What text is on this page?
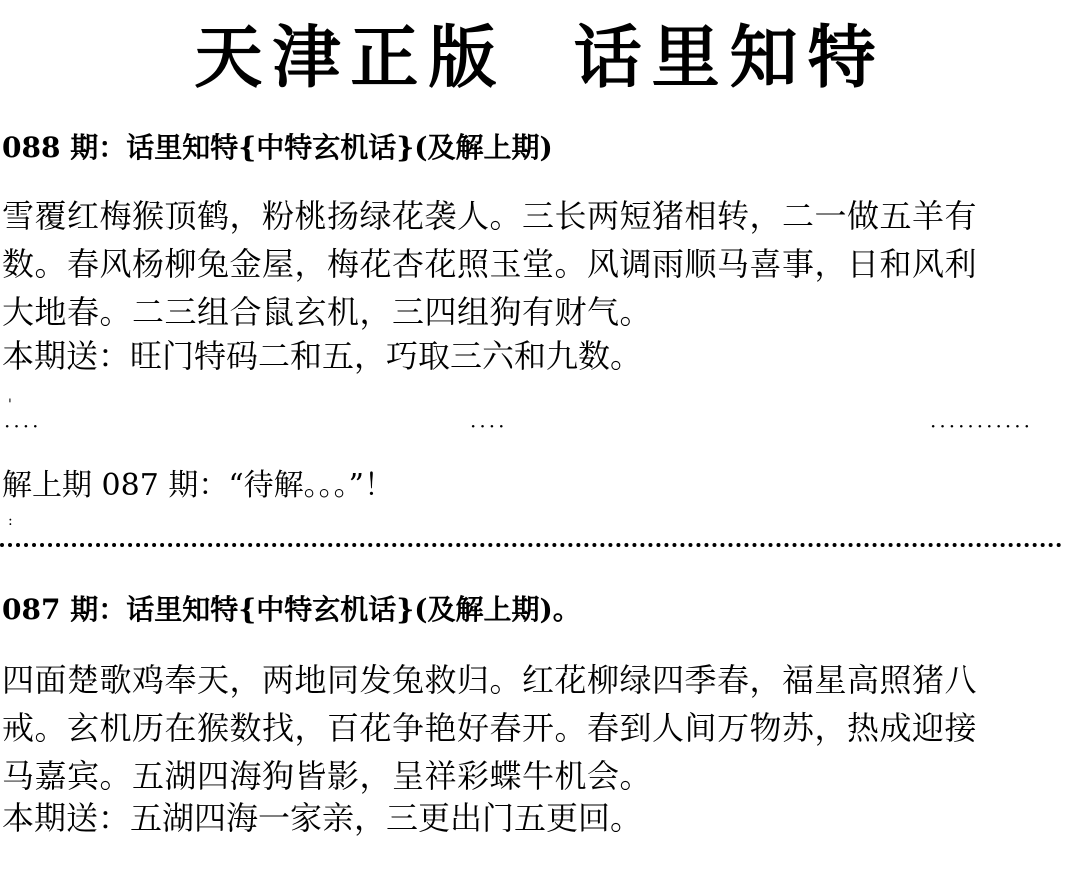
天津正版  话里知特
088 期：话里知特{中特玄机话}(及解上期)

雪覆红梅猴顶鹤，粉桃扬绿花袭人。三长两短猪相转，二一做五羊有

数。春风杨柳兔金屋，梅花杏花照玉堂。风调雨顺马喜事，日和风利

大地春。二三组合鼠玄机，三四组狗有财气。

本期送：旺门特码二和五，巧取三六和九数。
'
····	····	···········
解上期 087 期：“待解。。。”！
:
087 期：话里知特{中特玄机话}(及解上期)。

四面楚歌鸡奉天，两地同发兔救归。红花柳绿四季春，福星高照猪八

戒。玄机历在猴数找，百花争艳好春开。春到人间万物苏，热成迎接

马嘉宾。五湖四海狗皆影，呈祥彩蝶牛机会。

本期送：五湖四海一家亲，三更出门五更回。
